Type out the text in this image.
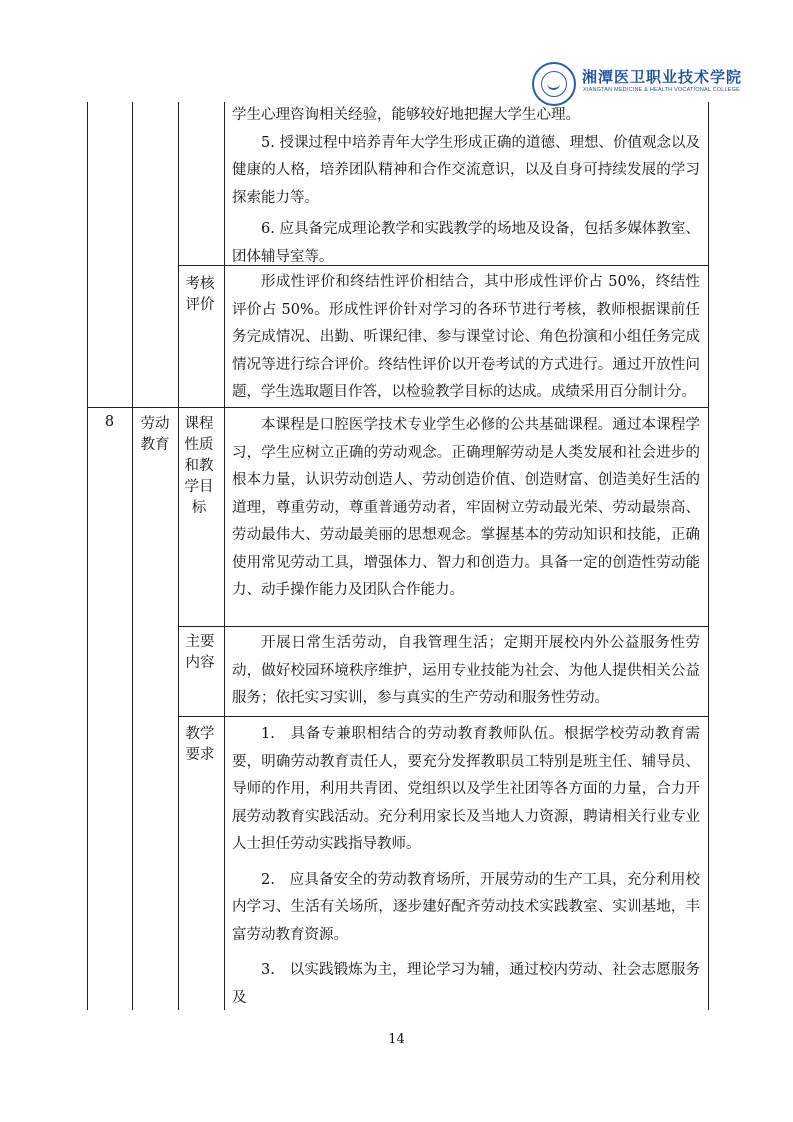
湘潭医卫职业技术学院
XIANGTAN MEDICINE & HEALTH VOCATIONAL COLLEGE

学生心理咨询相关经验，能够较好地把握大学生心理。

5. 授课过程中培养青年大学生形成正确的道德、理想、价值观念以及健康的人格，培养团队精神和合作交流意识，以及自身可持续发展的学习探索能力等。

6. 应具备完成理论教学和实践教学的场地及设备，包括多媒体教室、团体辅导室等。

考核评价
形成性评价和终结性评价相结合，其中形成性评价占 50%，终结性评价占 50%。形成性评价针对学习的各环节进行考核，教师根据课前任务完成情况、出勤、听课纪律、参与课堂讨论、角色扮演和小组任务完成情况等进行综合评价。终结性评价以开卷考试的方式进行。通过开放性问题，学生选取题目作答，以检验教学目标的达成。成绩采用百分制计分。
8	劳动教育
课程性质和教学目标
本课程是口腔医学技术专业学生必修的公共基础课程。通过本课程学习，学生应树立正确的劳动观念。正确理解劳动是人类发展和社会进步的根本力量，认识劳动创造人、劳动创造价值、创造财富、创造美好生活的道理，尊重劳动，尊重普通劳动者，牢固树立劳动最光荣、劳动最崇高、劳动最伟大、劳动最美丽的思想观念。掌握基本的劳动知识和技能，正确使用常见劳动工具，增强体力、智力和创造力。具备一定的创造性劳动能力、动手操作能力及团队合作能力。
主要内容
开展日常生活劳动，自我管理生活；定期开展校内外公益服务性劳动，做好校园环境秩序维护，运用专业技能为社会、为他人提供相关公益服务；依托实习实训，参与真实的生产劳动和服务性劳动。
教学要求

1.　具备专兼职相结合的劳动教育教师队伍。根据学校劳动教育需要，明确劳动教育责任人，要充分发挥教职员工特别是班主任、辅导员、导师的作用，利用共青团、党组织以及学生社团等各方面的力量，合力开展劳动教育实践活动。充分利用家长及当地人力资源，聘请相关行业专业人士担任劳动实践指导教师。

2.　应具备安全的劳动教育场所，开展劳动的生产工具，充分利用校内学习、生活有关场所，逐步建好配齐劳动技术实践教室、实训基地，丰富劳动教育资源。

3.　以实践锻炼为主，理论学习为辅，通过校内劳动、社会志愿服务及

14
